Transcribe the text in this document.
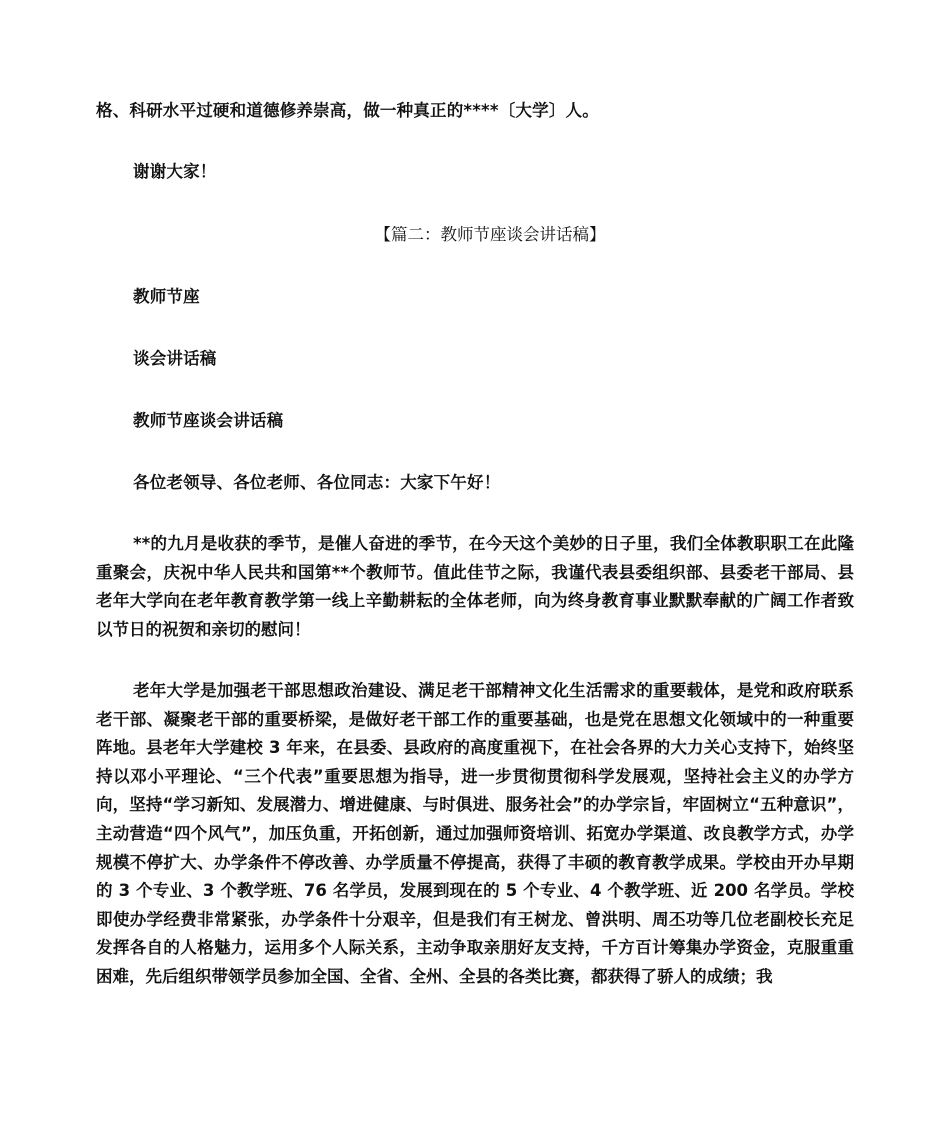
格、科研水平过硬和道德修养崇高，做一种真正的****〔大学〕人。
谢谢大家！
【篇二：教师节座谈会讲话稿】
教师节座
谈会讲话稿
教师节座谈会讲话稿
各位老领导、各位老师、各位同志：大家下午好！
**的九月是收获的季节，是催人奋进的季节，在今天这个美妙的日子里，我们全体教职职工在此隆重聚会，庆祝中华人民共和国第**个教师节。值此佳节之际，我谨代表县委组织部、县委老干部局、县老年大学向在老年教育教学第一线上辛勤耕耘的全体老师，向为终身教育事业默默奉献的广阔工作者致以节日的祝贺和亲切的慰问！
老年大学是加强老干部思想政治建设、满足老干部精神文化生活需求的重要载体，是党和政府联系老干部、凝聚老干部的重要桥梁，是做好老干部工作的重要基础，也是党在思想文化领域中的一种重要阵地。县老年大学建校 3 年来，在县委、县政府的高度重视下，在社会各界的大力关心支持下，始终坚持以邓小平理论、“三个代表”重要思想为指导，进一步贯彻贯彻科学发展观，坚持社会主义的办学方向，坚持“学习新知、发展潜力、增进健康、与时俱进、服务社会”的办学宗旨，牢固树立“五种意识”，主动营造“四个风气”，加压负重，开拓创新，通过加强师资培训、拓宽办学渠道、改良教学方式，办学规模不停扩大、办学条件不停改善、办学质量不停提高，获得了丰硕的教育教学成果。学校由开办早期的 3 个专业、3 个教学班、76 名学员，发展到现在的 5 个专业、4 个教学班、近 200 名学员。学校即使办学经费非常紧张，办学条件十分艰辛，但是我们有王树龙、曾洪明、周丕功等几位老副校长充足发挥各自的人格魅力，运用多个人际关系，主动争取亲朋好友支持，千方百计筹集办学资金，克服重重困难，先后组织带领学员参加全国、全省、全州、全县的各类比赛，都获得了骄人的成绩；我
